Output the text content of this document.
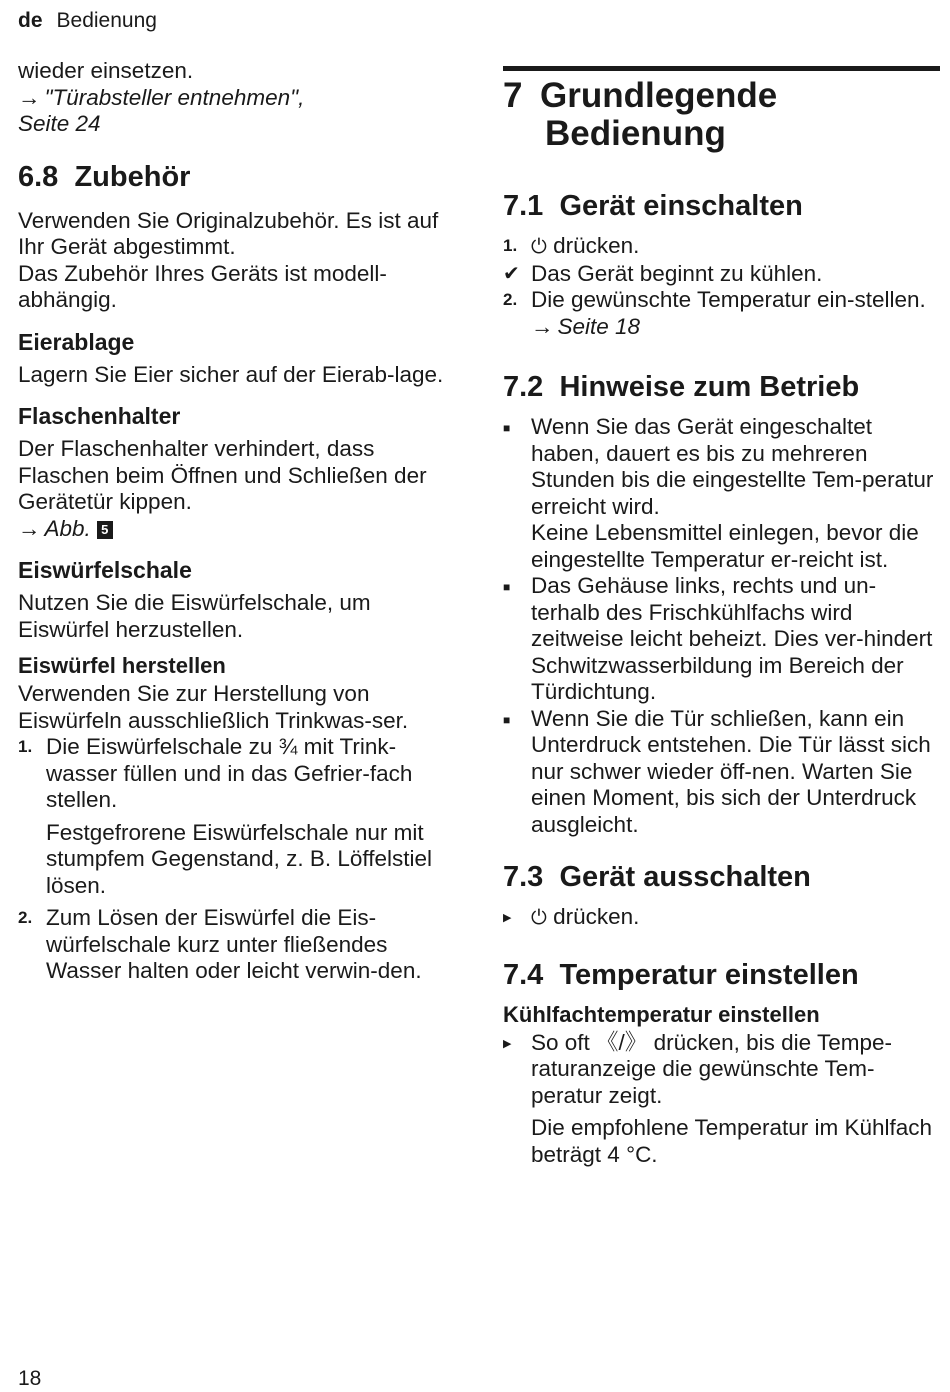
de Bedienung

wieder einsetzen.

→ "Türabsteller entnehmen",

Seite 24

6.8 Zubehör

Verwenden Sie Originalzubehör. Es ist auf Ihr Gerät abgestimmt.

Das Zubehör Ihres Geräts ist modell-abhängig.

Eierablage

Lagern Sie Eier sicher auf der Eierab-lage.

Flaschenhalter

Der Flaschenhalter verhindert, dass Flaschen beim Öffnen und Schließen der Gerätetür kippen.

→ Abb. 5

Eiswürfelschale

Nutzen Sie die Eiswürfelschale, um Eiswürfel herzustellen.

Eiswürfel herstellen

Verwenden Sie zur Herstellung von Eiswürfeln ausschließlich Trinkwas-ser.

1. Die Eiswürfelschale zu ¾ mit Trink-wasser füllen und in das Gefrier-fach stellen.

Festgefrorene Eiswürfelschale nur mit stumpfem Gegenstand, z. B. Löffelstiel lösen.

2. Zum Lösen der Eiswürfel die Eis-würfelschale kurz unter fließendes Wasser halten oder leicht verwin-den.

7 Grundlegende
Bedienung
7.1 Gerät einschalten
1. ⏻ drücken.

✔ Das Gerät beginnt zu kühlen.

2. Die gewünschte Temperatur ein-stellen. → Seite 18

7.2 Hinweise zum Betrieb
■ Wenn Sie das Gerät eingeschaltet haben, dauert es bis zu mehreren Stunden bis die eingestellte Tem-peratur erreicht wird.

Keine Lebensmittel einlegen, bevor die eingestellte Temperatur er-reicht ist.

■ Das Gehäuse links, rechts und un-terhalb des Frischkühlfachs wird zeitweise leicht beheizt. Dies ver-hindert Schwitzwasserbildung im Bereich der Türdichtung.

■ Wenn Sie die Tür schließen, kann ein Unterdruck entstehen. Die Tür lässt sich nur schwer wieder öff-nen. Warten Sie einen Moment, bis sich der Unterdruck ausgleicht.

7.3 Gerät ausschalten
▶ ⏻ drücken.

7.4 Temperatur einstellen
Kühlfachtemperatur einstellen
▶ So oft 《/》 drücken, bis die Tempe-raturanzeige die gewünschte Tem-peratur zeigt.

Die empfohlene Temperatur im Kühlfach beträgt 4 °C.

18
